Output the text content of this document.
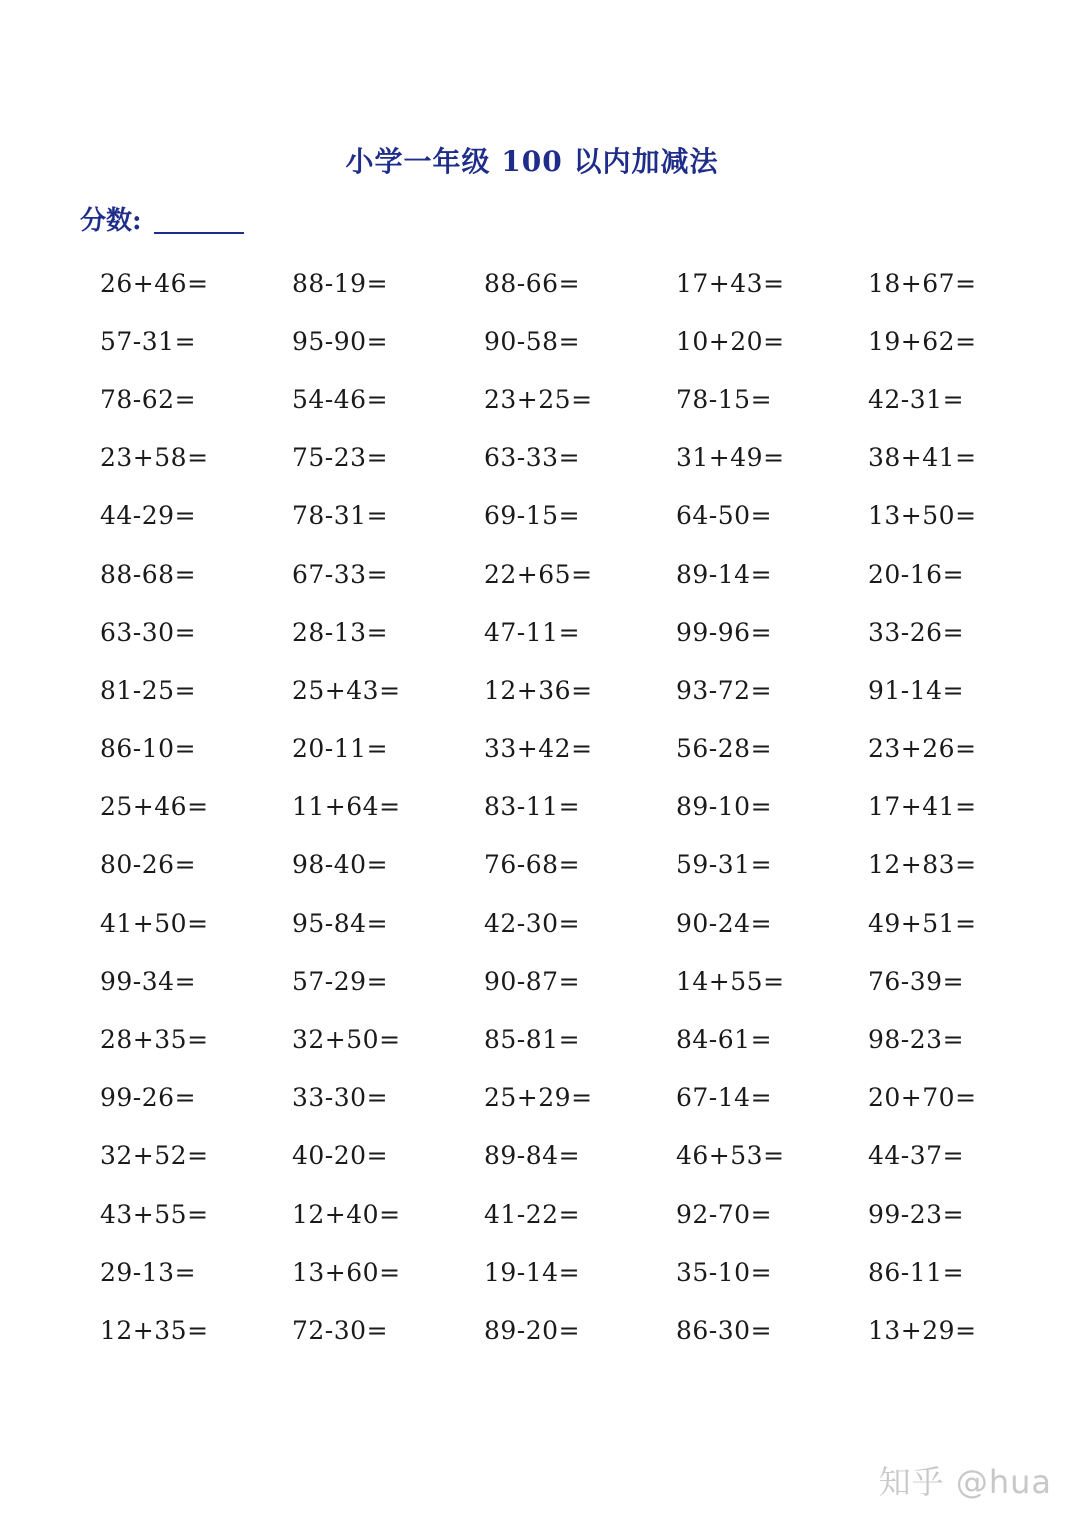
小学一年级 100 以内加减法
分数:
26+46=	88-19=	88-66=	17+43=	18+67=
57-31=	95-90=	90-58=	10+20=	19+62=
78-62=	54-46=	23+25=	78-15=	42-31=
23+58=	75-23=	63-33=	31+49=	38+41=
44-29=	78-31=	69-15=	64-50=	13+50=
88-68=	67-33=	22+65=	89-14=	20-16=
63-30=	28-13=	47-11=	99-96=	33-26=
81-25=	25+43=	12+36=	93-72=	91-14=
86-10=	20-11=	33+42=	56-28=	23+26=
25+46=	11+64=	83-11=	89-10=	17+41=
80-26=	98-40=	76-68=	59-31=	12+83=
41+50=	95-84=	42-30=	90-24=	49+51=
99-34=	57-29=	90-87=	14+55=	76-39=
28+35=	32+50=	85-81=	84-61=	98-23=
99-26=	33-30=	25+29=	67-14=	20+70=
32+52=	40-20=	89-84=	46+53=	44-37=
43+55=	12+40=	41-22=	92-70=	99-23=
29-13=	13+60=	19-14=	35-10=	86-11=
12+35=	72-30=	89-20=	86-30=	13+29=
知乎 @hua
